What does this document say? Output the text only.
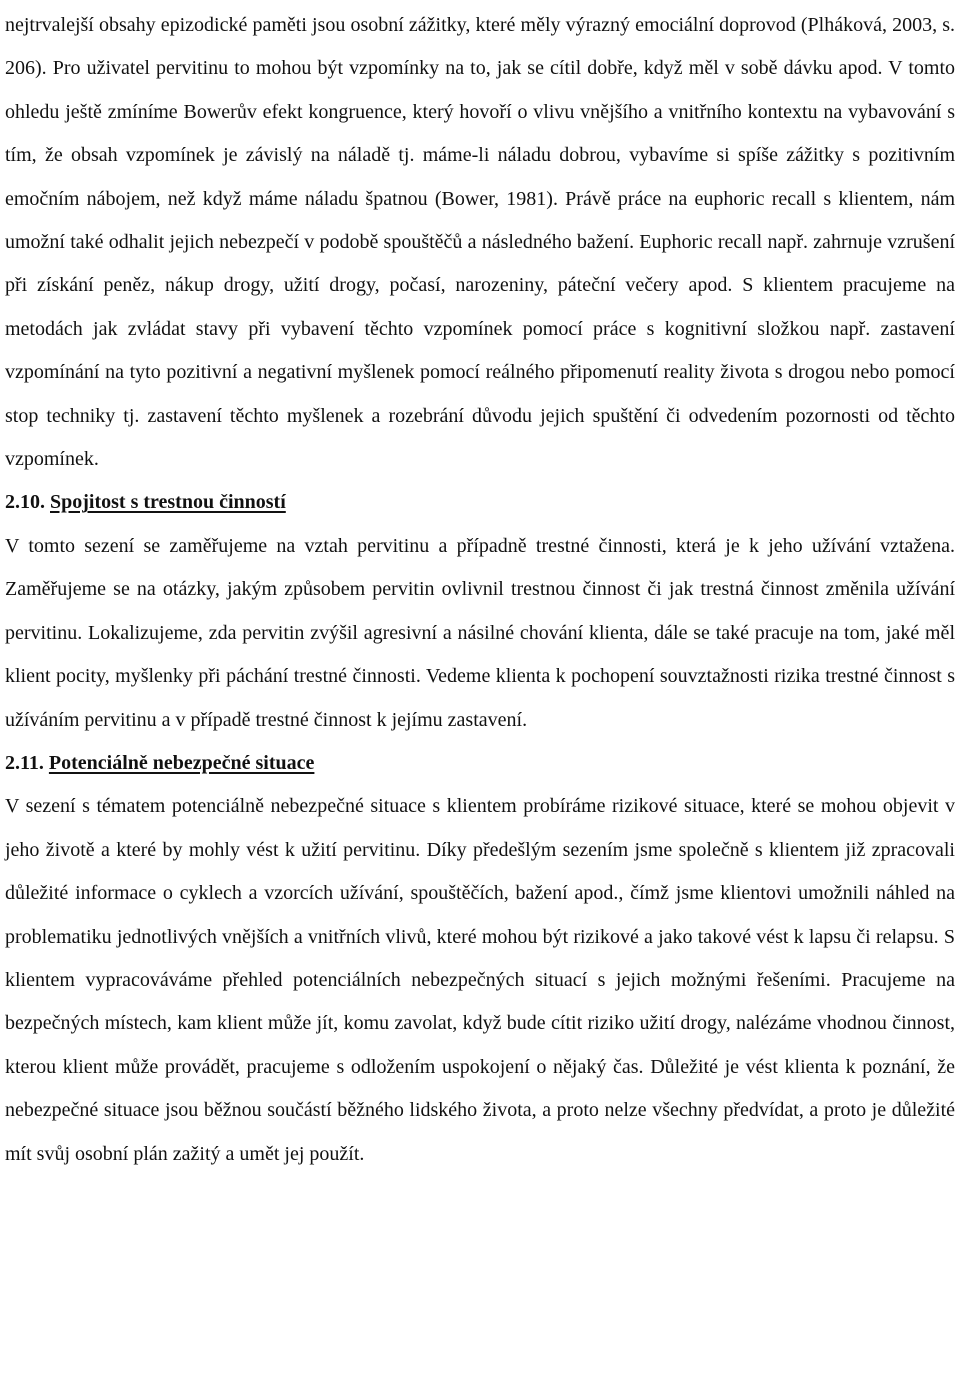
nejtrvalejší obsahy epizodické paměti jsou osobní zážitky, které měly výrazný emociální doprovod (Plháková, 2003, s. 206). Pro uživatel pervitinu to mohou být vzpomínky na to, jak se cítil dobře, když měl v sobě dávku apod. V tomto ohledu ještě zmíníme Bowerův efekt kongruence, který hovoří o vlivu vnějšího a vnitřního kontextu na vybavování s tím, že obsah vzpomínek je závislý na náladě tj. máme-li náladu dobrou, vybavíme si spíše zážitky s pozitivním emočním nábojem, než když máme náladu špatnou (Bower, 1981). Právě práce na euphoric recall s klientem, nám umožní také odhalit jejich nebezpečí v podobě spouštěčů a následného bažení. Euphoric recall např. zahrnuje vzrušení při získání peněz, nákup drogy, užití drogy, počasí, narozeniny, páteční večery apod. S klientem pracujeme na metodách jak zvládat stavy při vybavení těchto vzpomínek pomocí práce s kognitivní složkou např. zastavení vzpomínání na tyto pozitivní a negativní myšlenek pomocí reálného připomenutí reality života s drogou nebo pomocí stop techniky tj. zastavení těchto myšlenek a rozebrání důvodu jejich spuštění či odvedením pozornosti od těchto vzpomínek.

2.10. Spojitost s trestnou činností

V tomto sezení se zaměřujeme na vztah pervitinu a případně trestné činnosti, která je k jeho užívání vztažena. Zaměřujeme se na otázky, jakým způsobem pervitin ovlivnil trestnou činnost či jak trestná činnost změnila užívání pervitinu. Lokalizujeme, zda pervitin zvýšil agresivní a násilné chování klienta, dále se také pracuje na tom, jaké měl klient pocity, myšlenky při páchání trestné činnosti. Vedeme klienta k pochopení souvztažnosti rizika trestné činnost s užíváním pervitinu a v případě trestné činnost k jejímu zastavení.

2.11. Potenciálně nebezpečné situace

V sezení s tématem potenciálně nebezpečné situace s klientem probíráme rizikové situace, které se mohou objevit v jeho životě a které by mohly vést k užití pervitinu. Díky předešlým sezením jsme společně s klientem již zpracovali důležité informace o cyklech a vzorcích užívání, spouštěčích, bažení apod., čímž jsme klientovi umožnili náhled na problematiku jednotlivých vnějších a vnitřních vlivů, které mohou být rizikové a jako takové vést k lapsu či relapsu. S klientem vypracováváme přehled potenciálních nebezpečných situací s jejich možnými řešeními. Pracujeme na bezpečných místech, kam klient může jít, komu zavolat, když bude cítit riziko užití drogy, nalézáme vhodnou činnost, kterou klient může provádět, pracujeme s odložením uspokojení o nějaký čas. Důležité je vést klienta k poznání, že nebezpečné situace jsou běžnou součástí běžného lidského života, a proto nelze všechny předvídat, a proto je důležité mít svůj osobní plán zažitý a umět jej použít.
